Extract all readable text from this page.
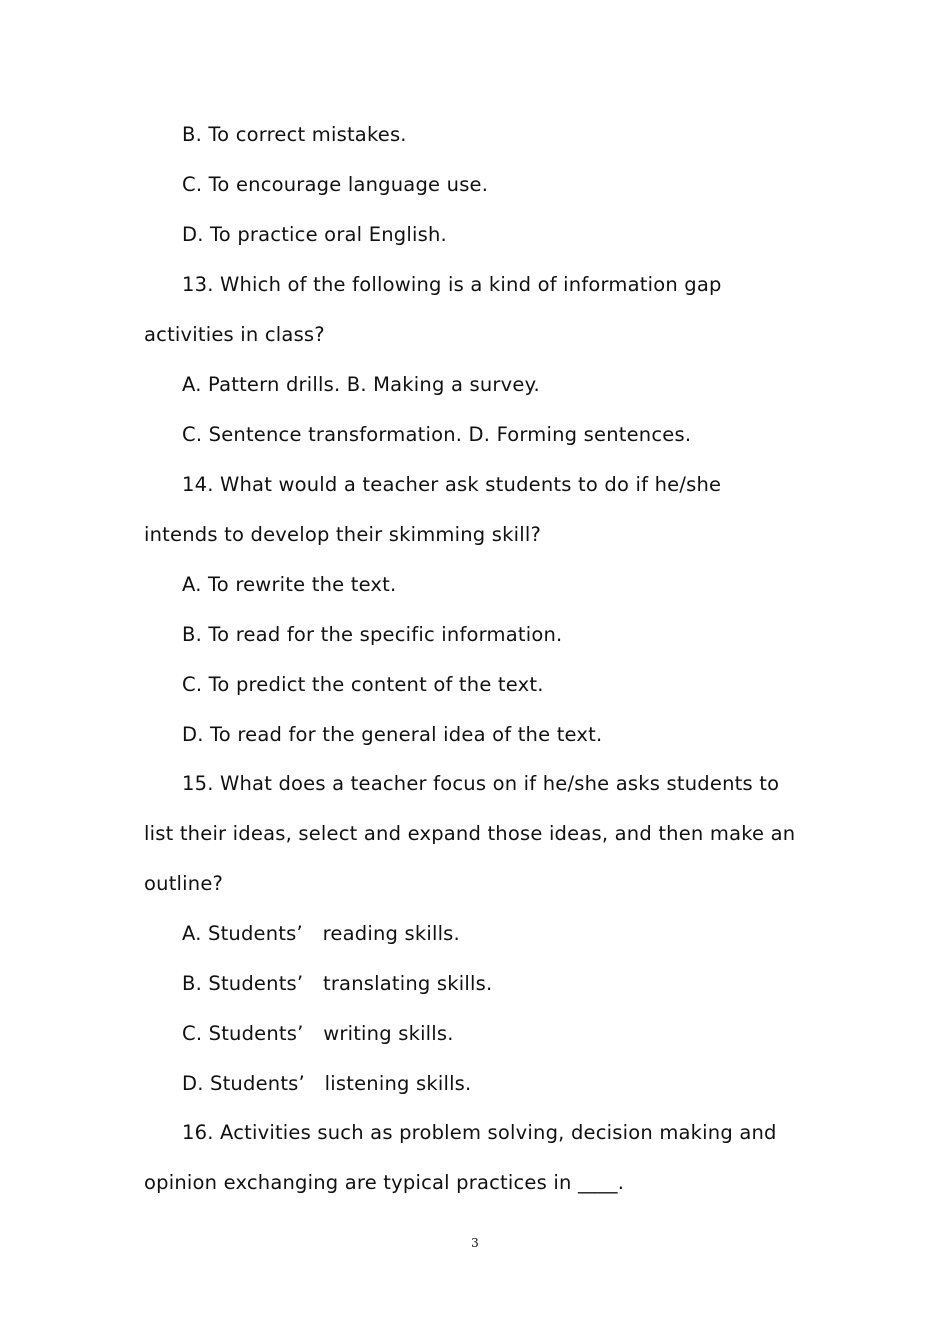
B. To correct mistakes.
C. To encourage language use.
D. To practice oral English.
13. Which of the following is a kind of information gap
activities in class?
A. Pattern drills. B. Making a survey.
C. Sentence transformation. D. Forming sentences.
14. What would a teacher ask students to do if he/she
intends to develop their skimming skill?
A. To rewrite the text.
B. To read for the specific information.
C. To predict the content of the text.
D. To read for the general idea of the text.
15. What does a teacher focus on if he/she asks students to
list their ideas, select and expand those ideas, and then make an
outline?
A. Students’　reading skills.
B. Students’　translating skills.
C. Students’　writing skills.
D. Students’　listening skills.
16. Activities such as problem solving, decision making and
opinion exchanging are typical practices in ____.
3
